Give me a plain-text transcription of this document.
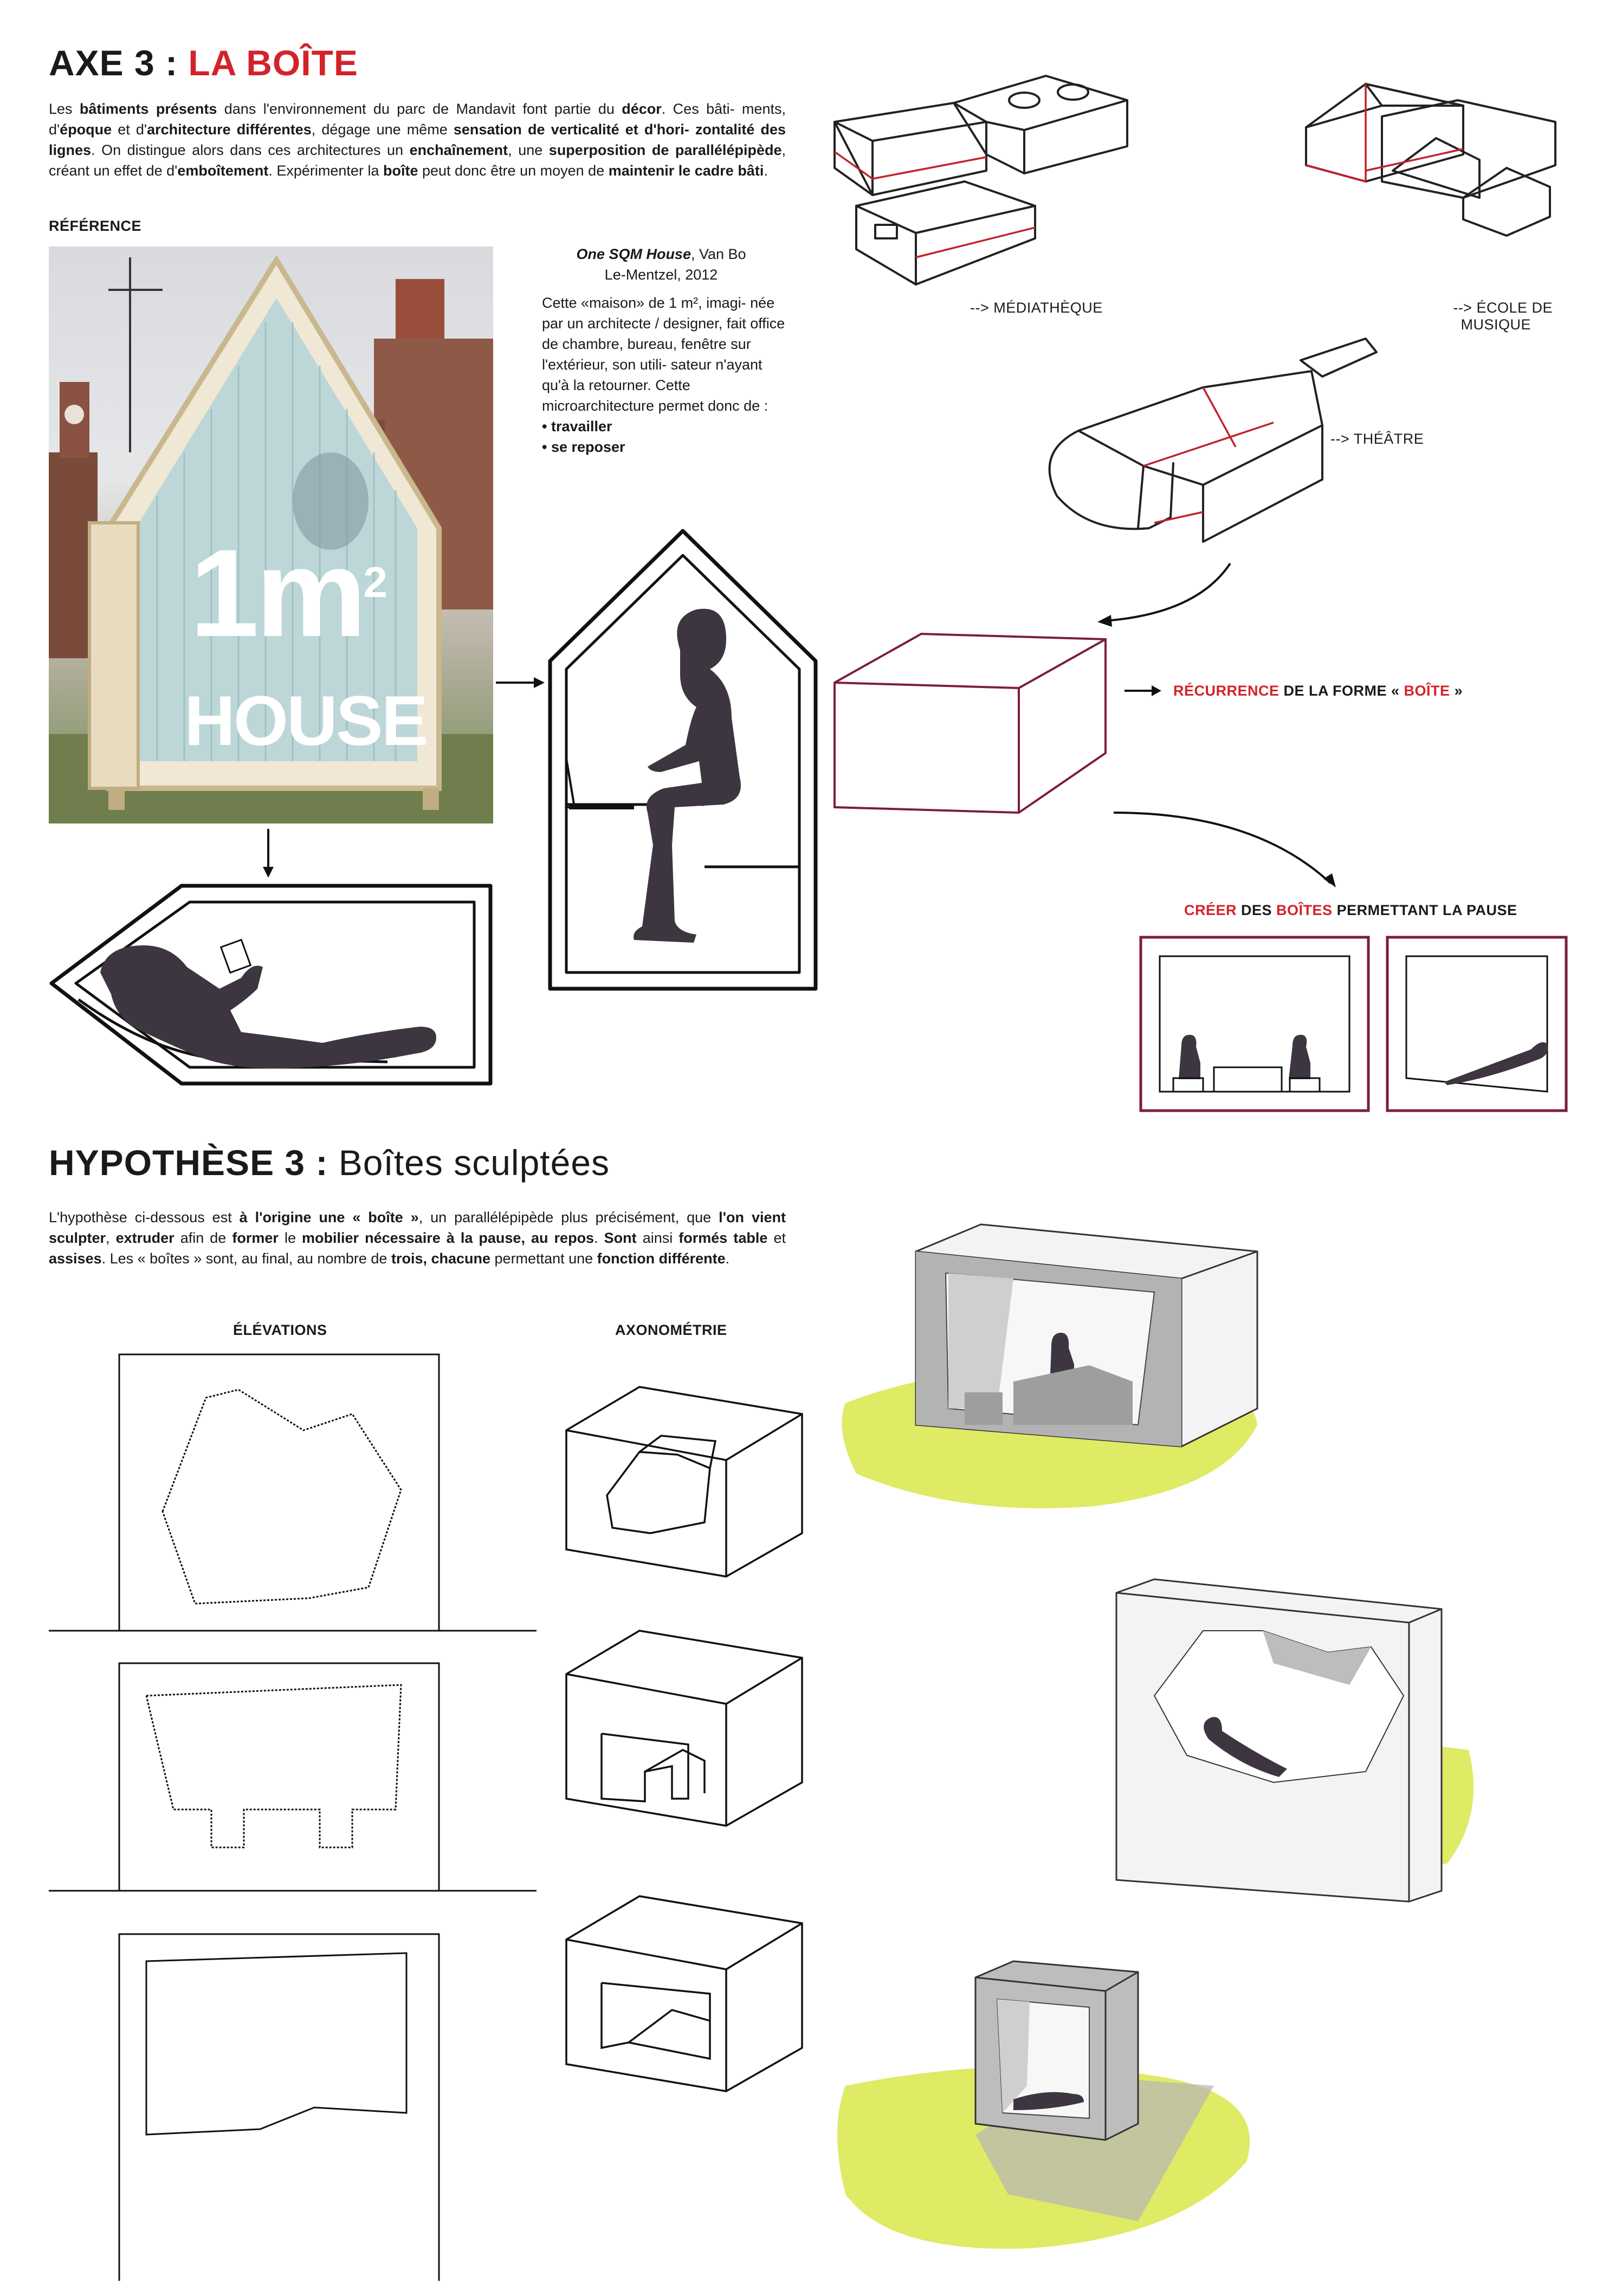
AXE 3 : LA BOÎTE
Les bâtiments présents dans l'environnement du parc de Mandavit font partie du décor. Ces bâti- ments, d'époque et d'architecture différentes, dégage une même sensation de verticalité et d'hori- zontalité des lignes. On distingue alors dans ces architectures un enchaînement, une superposition de parallélépipède, créant un effet de d'emboîtement. Expérimenter la boîte peut donc être un moyen de maintenir le cadre bâti.
RÉFÉRENCE
$1m^2$
HOUSE
One SQM House, Van Bo
Le-Mentzel, 2012
Cette «maison» de 1 m², imagi- née par un architecte / designer, fait office de chambre, bureau, fenêtre sur l'extérieur, son utili- sateur n'ayant qu'à la retourner. Cette microarchitecture permet donc de :
• travailler
• se reposer
--> MÉDIATHÈQUE	--> ÉCOLE DE
MUSIQUE
--> THÉÂTRE
RÉCURRENCE DE LA FORME « BOÎTE »
CRÉER DES BOÎTES PERMETTANT LA PAUSE
HYPOTHÈSE 3 : Boîtes sculptées
L'hypothèse ci-dessous est à l'origine une « boîte », un parallélépipède plus précisément, que l'on vient sculpter, extruder afin de former le mobilier nécessaire à la pause, au repos. Sont ainsi formés table et assises. Les « boîtes » sont, au final, au nombre de trois, chacune permettant une fonction différente.
ÉLÉVATIONS	AXONOMÉTRIE
